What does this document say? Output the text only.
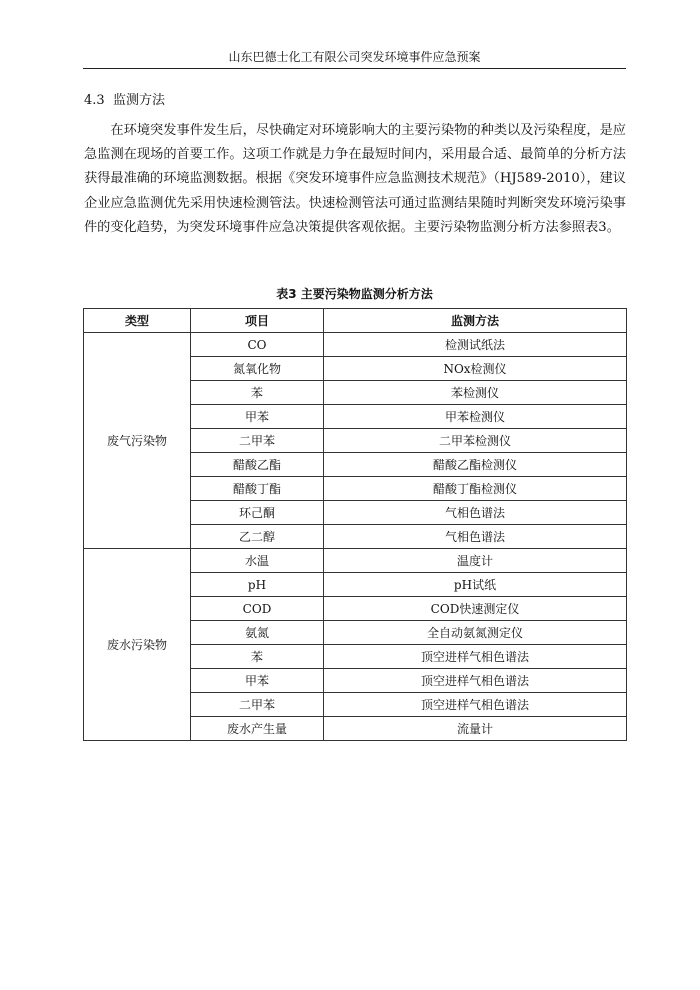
山东巴德士化工有限公司突发环境事件应急预案
4.3 监测方法

在环境突发事件发生后，尽快确定对环境影响大的主要污染物的种类以及污染程度，是应急监测在现场的首要工作。这项工作就是力争在最短时间内，采用最合适、最简单的分析方法获得最准确的环境监测数据。根据《突发环境事件应急监测技术规范》（HJ589-2010），建议企业应急监测优先采用快速检测管法。快速检测管法可通过监测结果随时判断突发环境污染事件的变化趋势，为突发环境事件应急决策提供客观依据。主要污染物监测分析方法参照表3。

表3 主要污染物监测分析方法
类型	项目	监测方法
废气污染物	CO	检测试纸法
	氮氧化物	NOx检测仪
	苯	苯检测仪
	甲苯	甲苯检测仪
	二甲苯	二甲苯检测仪
	醋酸乙酯	醋酸乙酯检测仪
	醋酸丁酯	醋酸丁酯检测仪
	环己酮	气相色谱法
	乙二醇	气相色谱法
废水污染物	水温	温度计
	pH	pH试纸
	COD	COD快速测定仪
	氨氮	全自动氨氮测定仪
	苯	顶空进样气相色谱法
	甲苯	顶空进样气相色谱法
	二甲苯	顶空进样气相色谱法
	废水产生量	流量计
